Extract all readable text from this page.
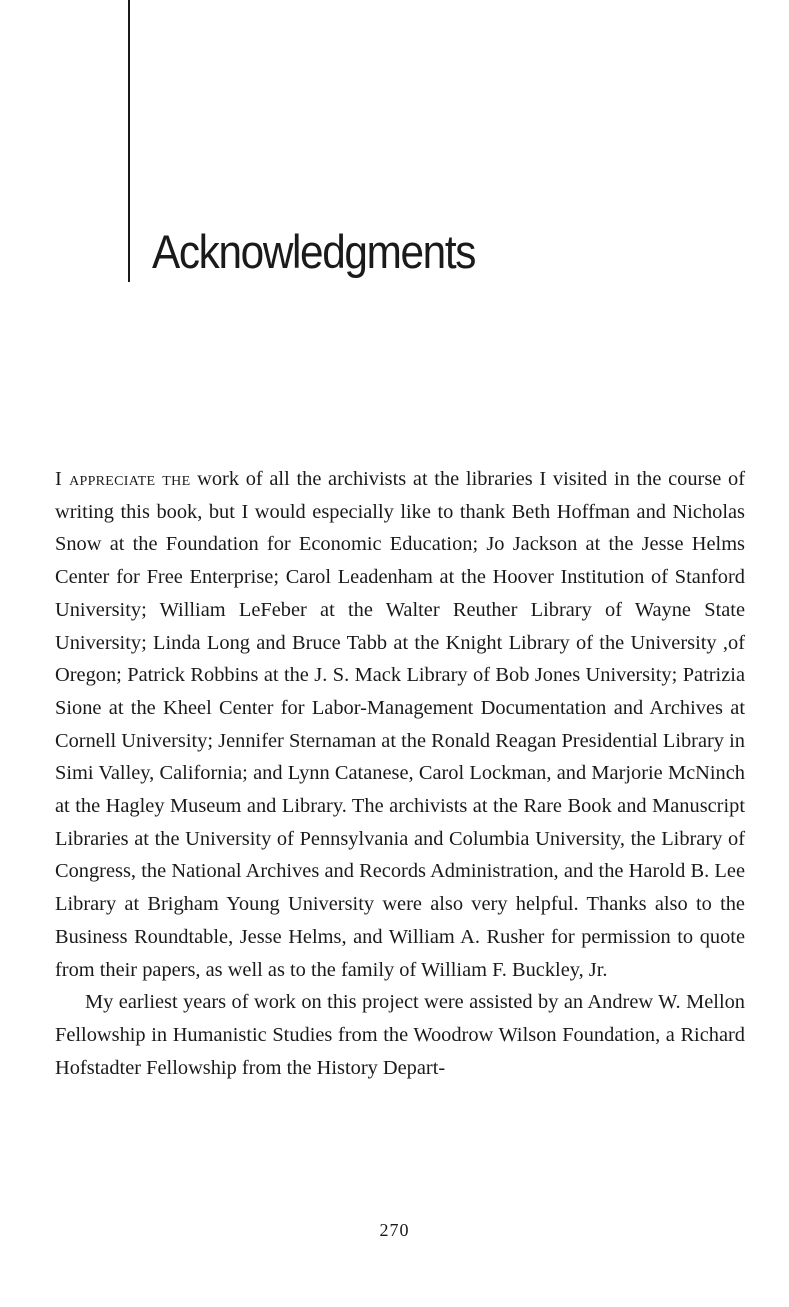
Acknowledgments

I appreciate the work of all the archivists at the libraries I visited in the course of writing this book, but I would especially like to thank Beth Hoffman and Nicholas Snow at the Foundation for Economic Education; Jo Jackson at the Jesse Helms Center for Free Enterprise; Carol Leadenham at the Hoover Institution of Stanford University; William LeFeber at the Walter Reuther Library of Wayne State University; Linda Long and Bruce Tabb at the Knight Library of the University ,of Oregon; Patrick Robbins at the J. S. Mack Library of Bob Jones University; Patrizia Sione at the Kheel Center for Labor-Management Documentation and Archives at Cornell University; Jennifer Sternaman at the Ronald Reagan Presidential Library in Simi Valley, California; and Lynn Catanese, Carol Lockman, and Marjorie McNinch at the Hagley Museum and Library. The archivists at the Rare Book and Manuscript Libraries at the University of Pennsylvania and Columbia University, the Library of Congress, the National Archives and Records Administration, and the Harold B. Lee Library at Brigham Young University were also very helpful. Thanks also to the Business Roundtable, Jesse Helms, and William A. Rusher for permission to quote from their papers, as well as to the family of William F. Buckley, Jr.

My earliest years of work on this project were assisted by an Andrew W. Mellon Fellowship in Humanistic Studies from the Woodrow Wilson Foundation, a Richard Hofstadter Fellowship from the History Depart-

270
